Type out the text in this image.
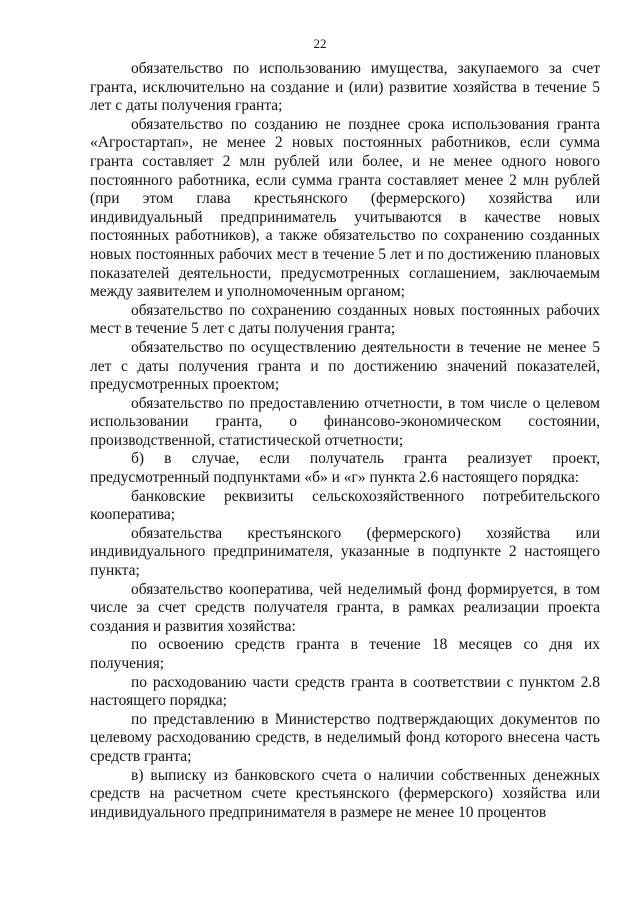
22

обязательство по использованию имущества, закупаемого за счет гранта, исключительно на создание и (или) развитие хозяйства в течение 5 лет с даты получения гранта;

обязательство по созданию не позднее срока использования гранта «Агростартап», не менее 2 новых постоянных работников, если сумма гранта составляет 2 млн рублей или более, и не менее одного нового постоянного работника, если сумма гранта составляет менее 2 млн рублей (при этом глава крестьянского (фермерского) хозяйства или индивидуальный предприниматель учитываются в качестве новых постоянных работников), а также обязательство по сохранению созданных новых постоянных рабочих мест в течение 5 лет и по достижению плановых показателей деятельности, предусмотренных соглашением, заключаемым между заявителем и уполномоченным органом;

обязательство по сохранению созданных новых постоянных рабочих мест в течение 5 лет с даты получения гранта;

обязательство по осуществлению деятельности в течение не менее 5 лет с даты получения гранта и по достижению значений показателей, предусмотренных проектом;

обязательство по предоставлению отчетности, в том числе о целевом использовании гранта, о финансово-экономическом состоянии, производственной, статистической отчетности;

б) в случае, если получатель гранта реализует проект, предусмотренный подпунктами «б» и «г» пункта 2.6 настоящего порядка:

банковские реквизиты сельскохозяйственного потребительского кооператива;

обязательства крестьянского (фермерского) хозяйства или индивидуального предпринимателя, указанные в подпункте 2 настоящего пункта;

обязательство кооператива, чей неделимый фонд формируется, в том числе за счет средств получателя гранта, в рамках реализации проекта создания и развития хозяйства:

по освоению средств гранта в течение 18 месяцев со дня их получения;

по расходованию части средств гранта в соответствии с пунктом 2.8 настоящего порядка;

по представлению в Министерство подтверждающих документов по целевому расходованию средств, в неделимый фонд которого внесена часть средств гранта;

в) выписку из банковского счета о наличии собственных денежных средств на расчетном счете крестьянского (фермерского) хозяйства или индивидуального предпринимателя в размере не менее 10 процентов
